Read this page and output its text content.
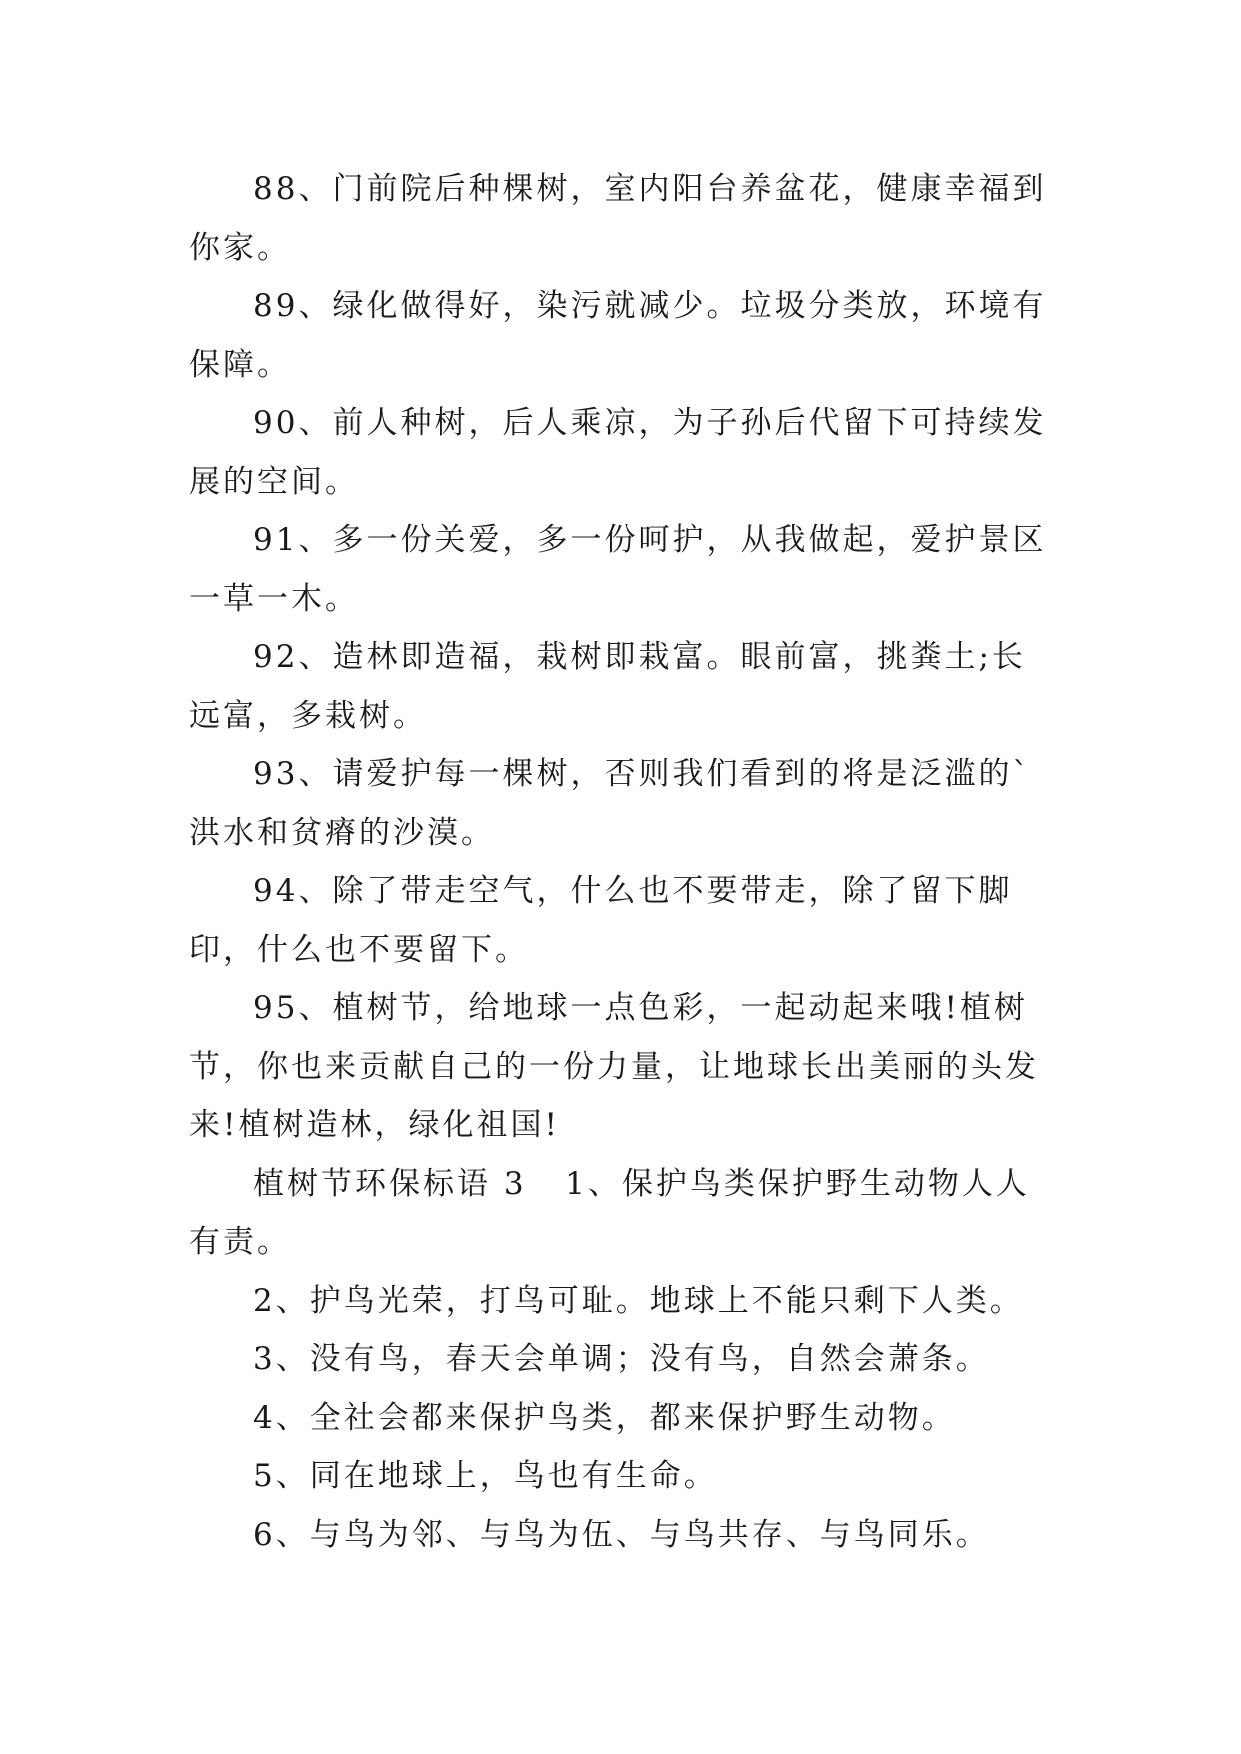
88、门前院后种棵树，室内阳台养盆花，健康幸福到你家。

89、绿化做得好，染污就减少。垃圾分类放，环境有保障。

90、前人种树，后人乘凉，为子孙后代留下可持续发展的空间。

91、多一份关爱，多一份呵护，从我做起，爱护景区一草一木。

92、造林即造福，栽树即栽富。眼前富，挑粪土;长远富，多栽树。

93、请爱护每一棵树，否则我们看到的将是泛滥的`洪水和贫瘠的沙漠。

94、除了带走空气，什么也不要带走，除了留下脚印，什么也不要留下。

95、植树节，给地球一点色彩，一起动起来哦!植树节，你也来贡献自己的一份力量，让地球长出美丽的头发来!植树造林，绿化祖国!

植树节环保标语 3   1、保护鸟类保护野生动物人人有责。

2、护鸟光荣，打鸟可耻。地球上不能只剩下人类。

3、没有鸟，春天会单调；没有鸟，自然会萧条。

4、全社会都来保护鸟类，都来保护野生动物。

5、同在地球上，鸟也有生命。

6、与鸟为邻、与鸟为伍、与鸟共存、与鸟同乐。
